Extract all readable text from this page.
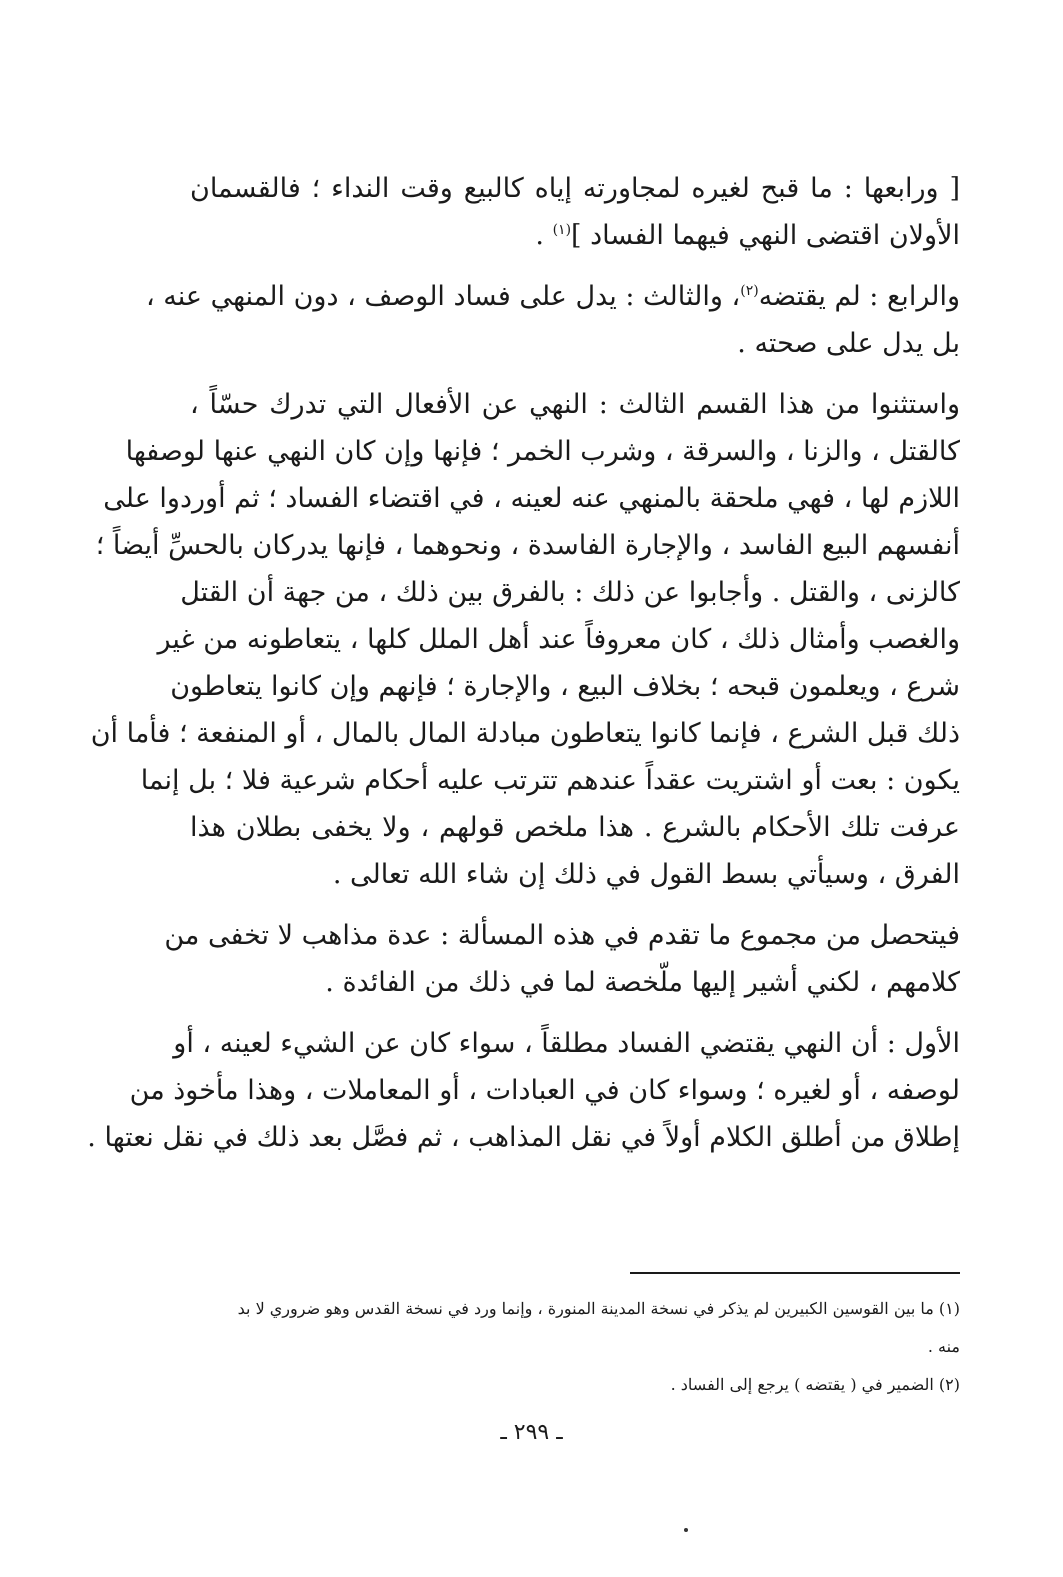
[ ورابعها : ما قبح لغيره لمجاورته إياه كالبيع وقت النداء ؛ فالقسمان
الأولان اقتضى النهي فيهما الفساد ]$^{(١)}$ .

والرابع : لم يقتضه$^{(٢)}$، والثالث : يدل على فساد الوصف ، دون المنهي عنه ،
بل يدل على صحته .

واستثنوا من هذا القسم الثالث : النهي عن الأفعال التي تدرك حسّاً ،
كالقتل ، والزنا ، والسرقة ، وشرب الخمر ؛ فإنها وإن كان النهي عنها لوصفها
اللازم لها ، فهي ملحقة بالمنهي عنه لعينه ، في اقتضاء الفساد ؛ ثم أوردوا على
أنفسهم البيع الفاسد ، والإجارة الفاسدة ، ونحوهما ، فإنها يدركان بالحسِّ أيضاً ؛
كالزنى ، والقتل . وأجابوا عن ذلك : بالفرق بين ذلك ، من جهة أن القتل
والغصب وأمثال ذلك ، كان معروفاً عند أهل الملل كلها ، يتعاطونه من غير
شرع ، ويعلمون قبحه ؛ بخلاف البيع ، والإجارة ؛ فإنهم وإن كانوا يتعاطون
ذلك قبل الشرع ، فإنما كانوا يتعاطون مبادلة المال بالمال ، أو المنفعة ؛ فأما أن
يكون : بعت أو اشتريت عقداً عندهم تترتب عليه أحكام شرعية فلا ؛ بل إنما
عرفت تلك الأحكام بالشرع . هذا ملخص قولهم ، ولا يخفى بطلان هذا
الفرق ، وسيأتي بسط القول في ذلك إن شاء الله تعالى .

فيتحصل من مجموع ما تقدم في هذه المسألة : عدة مذاهب لا تخفى من
كلامهم ، لكني أشير إليها ملّخصة لما في ذلك من الفائدة .

الأول : أن النهي يقتضي الفساد مطلقاً ، سواء كان عن الشيء لعينه ، أو
لوصفه ، أو لغيره ؛ وسواء كان في العبادات ، أو المعاملات ، وهذا مأخوذ من
إطلاق من أطلق الكلام أولاً في نقل المذاهب ، ثم فصَّل بعد ذلك في نقل نعتها .

(١) ما بين القوسين الكبيرين لم يذكر في نسخة المدينة المنورة ، وإنما ورد في نسخة القدس وهو ضروري لا بد

منه .

(٢) الضمير في ( يقتضه ) يرجع إلى الفساد .

ـ ٢٩٩ ـ
